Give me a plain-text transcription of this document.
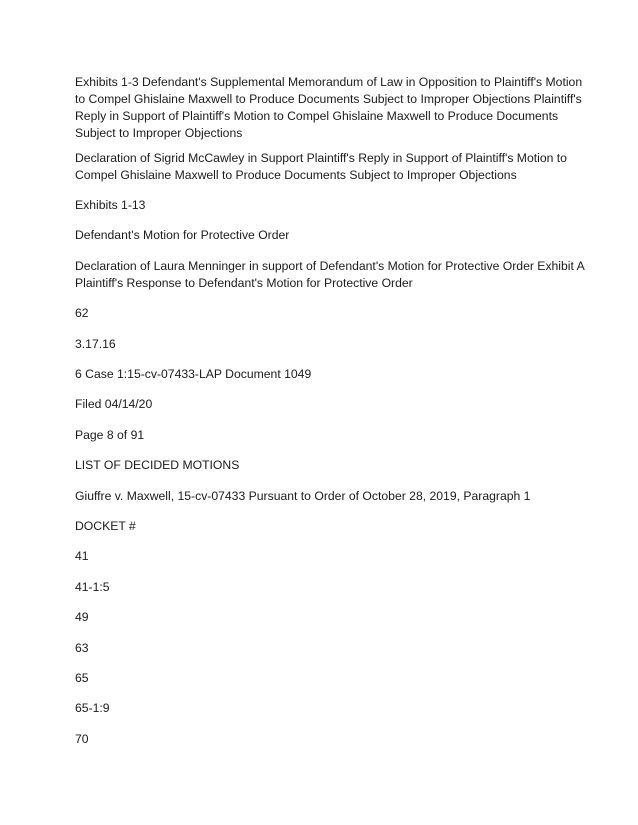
Exhibits 1-3 Defendant's Supplemental Memorandum of Law in Opposition to Plaintiff's Motion
to Compel Ghislaine Maxwell to Produce Documents Subject to Improper Objections Plaintiff's
Reply in Support of Plaintiff's Motion to Compel Ghislaine Maxwell to Produce Documents
Subject to Improper Objections

Declaration of Sigrid McCawley in Support Plaintiff's Reply in Support of Plaintiff's Motion to
Compel Ghislaine Maxwell to Produce Documents Subject to Improper Objections

Exhibits 1-13

Defendant's Motion for Protective Order

Declaration of Laura Menninger in support of Defendant's Motion for Protective Order Exhibit A
Plaintiff's Response to Defendant's Motion for Protective Order

62

3.17.16

6 Case 1:15-cv-07433-LAP Document 1049

Filed 04/14/20

Page 8 of 91

LIST OF DECIDED MOTIONS

Giuffre v. Maxwell, 15-cv-07433 Pursuant to Order of October 28, 2019, Paragraph 1

DOCKET #

41

41-1:5

49

63

65

65-1:9

70
